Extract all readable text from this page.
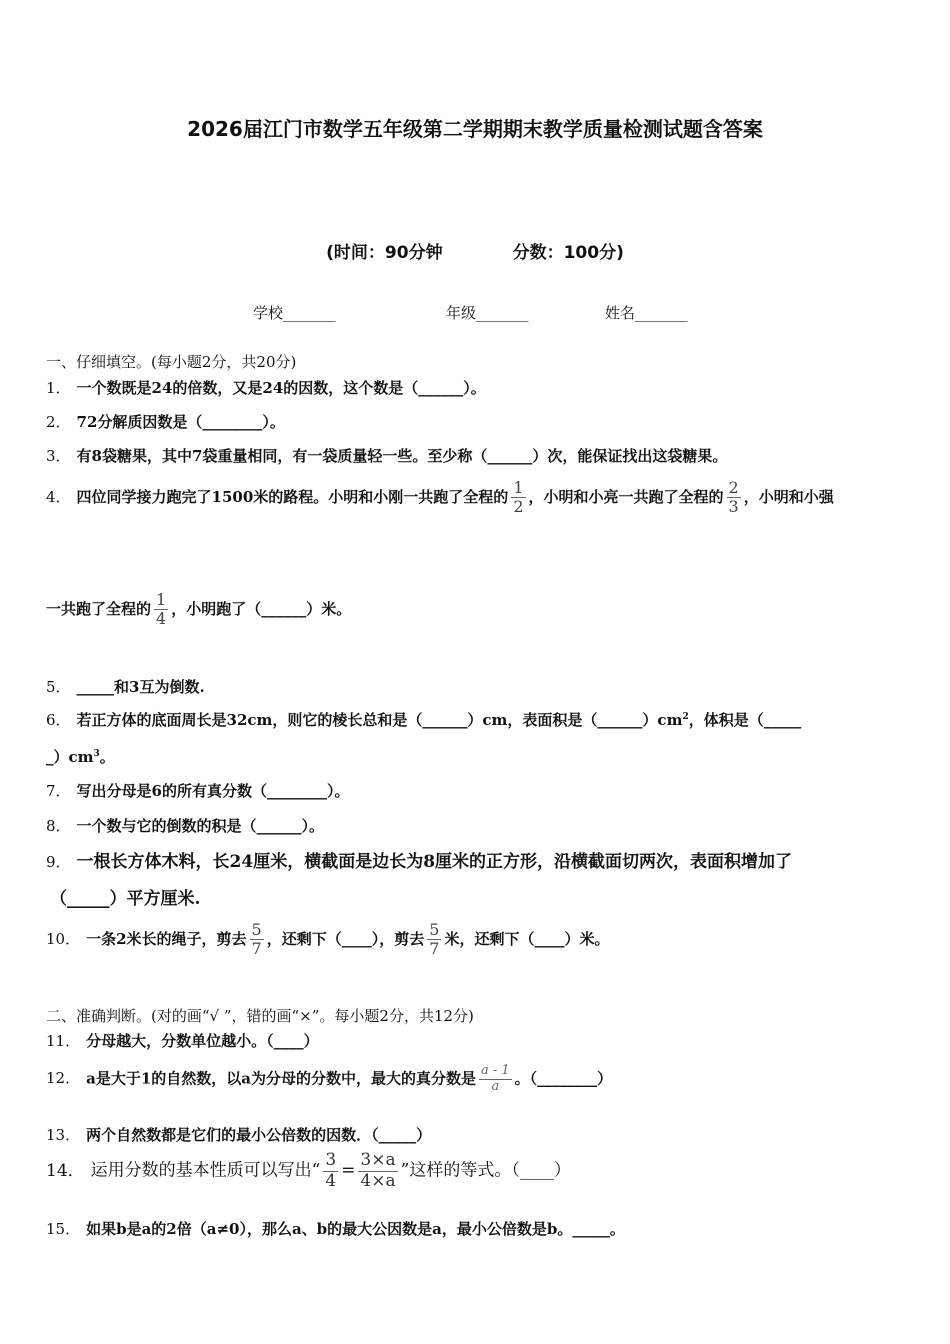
2026届江门市数学五年级第二学期期末教学质量检测试题含答案
(时间：90分钟	分数：100分)
学校_______	年级_______	姓名_______
一、仔细填空。(每小题2分，共20分)
1． 一个数既是24的倍数，又是24的因数，这个数是（______）。
2． 72分解质因数是（________）。
3． 有8袋糖果，其中7袋重量相同，有一袋质量轻一些。至少称（______）次，能保证找出这袋糖果。
4． 四位同学接力跑完了1500米的路程。小明和小刚一共跑了全程的 $\frac{1}{2}$ ，小明和小亮一共跑了全程的 $\frac{2}{3}$ ，小明和小强
一共跑了全程的 $\frac{1}{4}$ ，小明跑了（______）米。
5． _____和3互为倒数.
6． 若正方体的底面周长是32cm，则它的棱长总和是（______）cm，表面积是$(\_\_\_\_\_\_)cm^2$，体积是（_____
$\_)cm^3$。
7． 写出分母是6的所有真分数（________）。
8． 一个数与它的倒数的积是（______）。
9． 一根长方体木料，长24厘米，横截面是边长为8厘米的正方形，沿横截面切两次，表面积增加了
（_____）平方厘米.
10． 一条2米长的绳子，剪去 $\frac{5}{7}$ ，还剩下（____），剪去 $\frac{5}{7}$ 米，还剩下（____）米。
二、准确判断。(对的画“√ ”，错的画“×”。每小题2分，共12分)
11． 分母越大，分数单位越小。（____）
12． a是大于1的自然数，以a为分母的分数中，最大的真分数是 $\frac{a - 1}{a}$ 。（________）
13． 两个自然数都是它们的最小公倍数的因数．（_____）
14． 运用分数的基本性质可以写出“ $\frac{3}{4} = \frac{3\times a}{4\times a}$ ”这样的等式。（____）
15． 如果b是a的2倍（a≠0），那么a、b的最大公因数是a，最小公倍数是b。_____。
